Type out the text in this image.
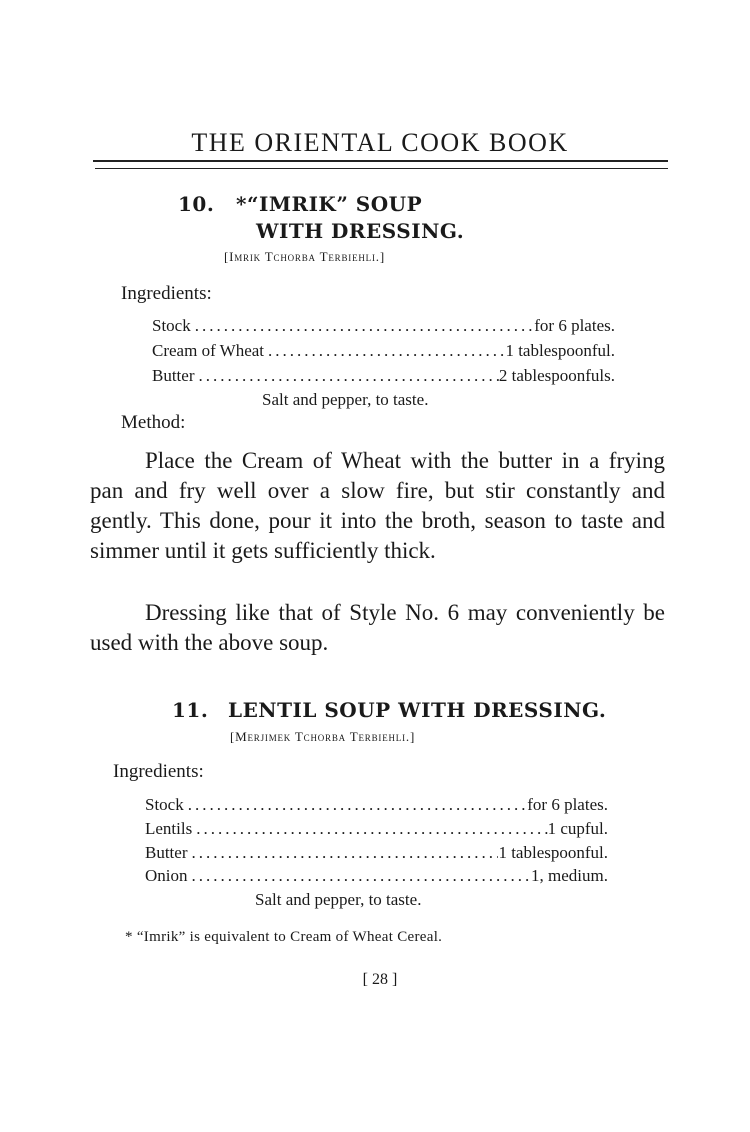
THE ORIENTAL COOK BOOK
10. *“IMRIK” SOUP
WITH DRESSING.
[Imrik Tchorba Terbiehli.]
Ingredients:
Stock .....	for 6 plates.
Cream of Wheat .....	1 tablespoonful.
Butter .....	2 tablespoonfuls.
Salt and pepper, to taste.
Method:
Place the Cream of Wheat with the butter in a frying pan and fry well over a slow fire, but stir constantly and gently. This done, pour it into the broth, season to taste and simmer until it gets sufficiently thick.
Dressing like that of Style No. 6 may conveniently be used with the above soup.
11. LENTIL SOUP WITH DRESSING.
[Merjimek Tchorba Terbiehli.]
Ingredients:
Stock .....	for 6 plates.
Lentils .....	1 cupful.
Butter .....	1 tablespoonful.
Onion .....	1, medium.
Salt and pepper, to taste.
* “Imrik” is equivalent to Cream of Wheat Cereal.
[ 28 ]
